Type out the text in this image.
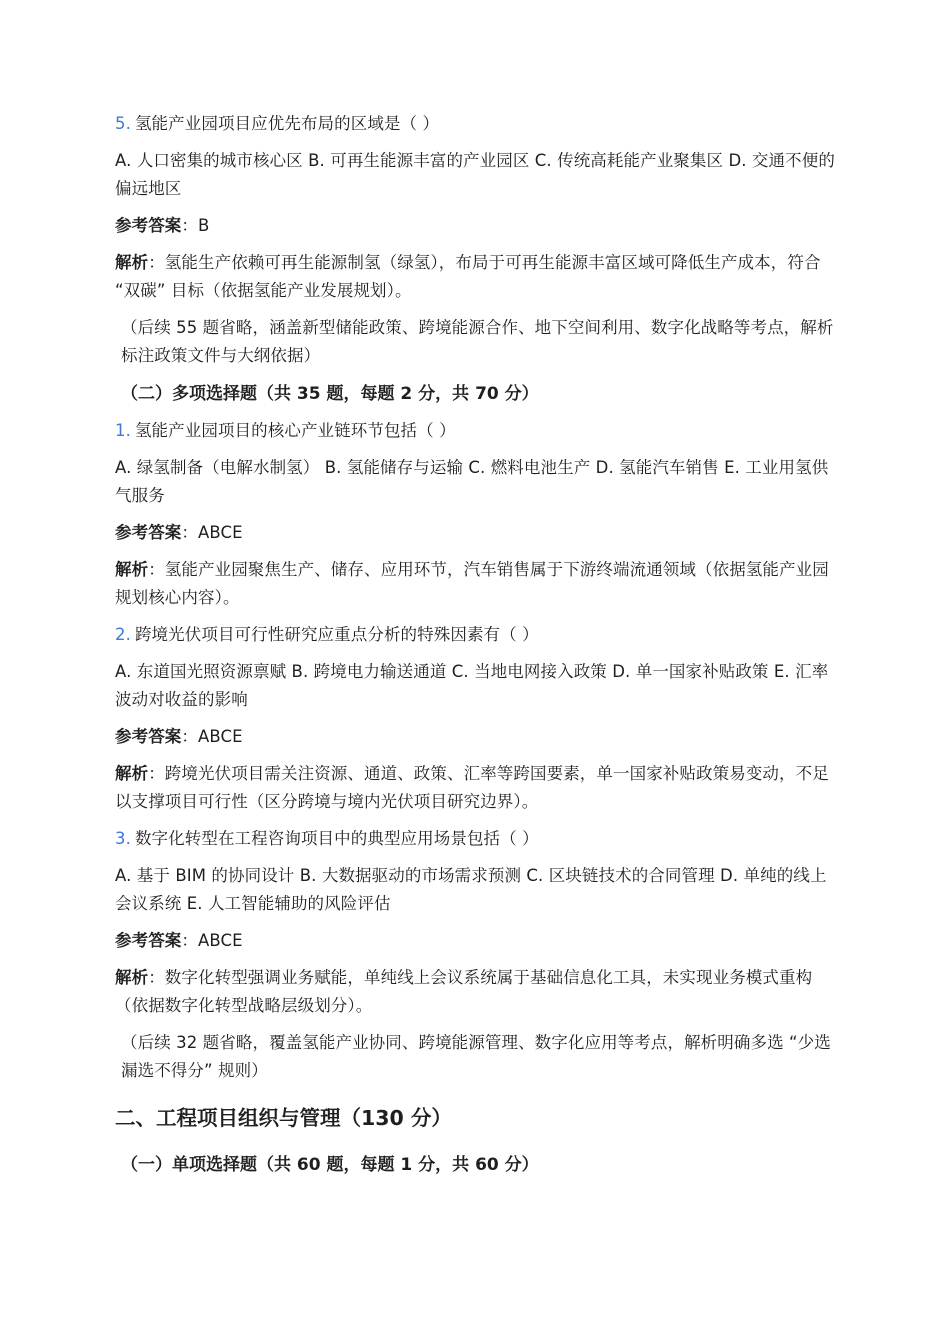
5. 氢能产业园项目应优先布局的区域是（ ）

A. 人口密集的城市核心区 B. 可再生能源丰富的产业园区 C. 传统高耗能产业聚集区 D. 交通不便的偏远地区

参考答案：B

解析：氢能生产依赖可再生能源制氢（绿氢），布局于可再生能源丰富区域可降低生产成本，符合 “双碳” 目标（依据氢能产业发展规划）。

（后续 55 题省略，涵盖新型储能政策、跨境能源合作、地下空间利用、数字化战略等考点，解析标注政策文件与大纲依据）

（二）多项选择题（共 35 题，每题 2 分，共 70 分）

1. 氢能产业园项目的核心产业链环节包括（ ）

A. 绿氢制备（电解水制氢） B. 氢能储存与运输 C. 燃料电池生产 D. 氢能汽车销售 E. 工业用氢供气服务

参考答案：ABCE

解析：氢能产业园聚焦生产、储存、应用环节，汽车销售属于下游终端流通领域（依据氢能产业园规划核心内容）。

2. 跨境光伏项目可行性研究应重点分析的特殊因素有（ ）

A. 东道国光照资源禀赋 B. 跨境电力输送通道 C. 当地电网接入政策 D. 单一国家补贴政策 E. 汇率波动对收益的影响

参考答案：ABCE

解析：跨境光伏项目需关注资源、通道、政策、汇率等跨国要素，单一国家补贴政策易变动，不足以支撑项目可行性（区分跨境与境内光伏项目研究边界）。

3. 数字化转型在工程咨询项目中的典型应用场景包括（ ）

A. 基于 BIM 的协同设计 B. 大数据驱动的市场需求预测 C. 区块链技术的合同管理 D. 单纯的线上会议系统 E. 人工智能辅助的风险评估

参考答案：ABCE

解析：数字化转型强调业务赋能，单纯线上会议系统属于基础信息化工具，未实现业务模式重构（依据数字化转型战略层级划分）。

（后续 32 题省略，覆盖氢能产业协同、跨境能源管理、数字化应用等考点，解析明确多选 “少选漏选不得分” 规则）

二、工程项目组织与管理（130 分）
（一）单项选择题（共 60 题，每题 1 分，共 60 分）
